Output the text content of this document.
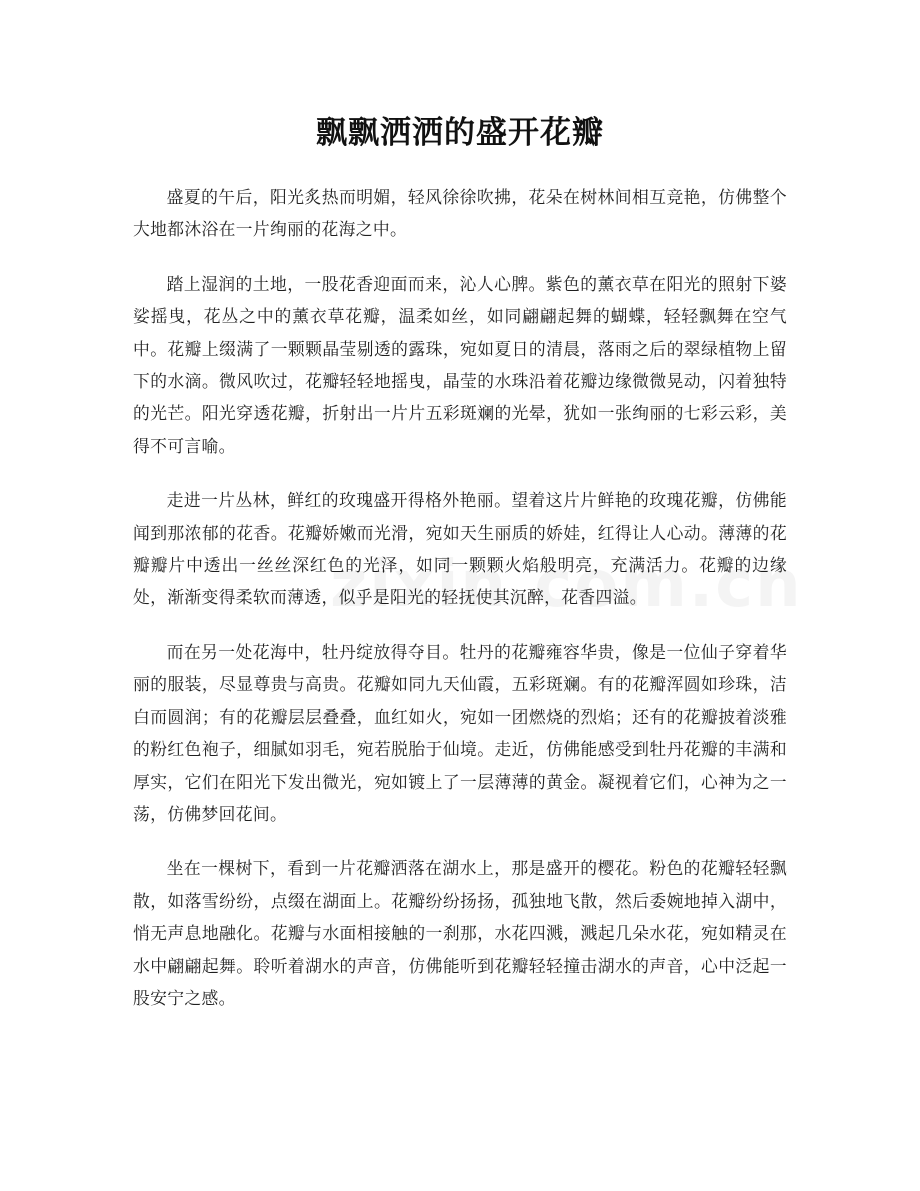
飘飘洒洒的盛开花瓣

盛夏的午后，阳光炙热而明媚，轻风徐徐吹拂，花朵在树林间相互竞艳，仿佛整个大地都沐浴在一片绚丽的花海之中。

踏上湿润的土地，一股花香迎面而来，沁人心脾。紫色的薰衣草在阳光的照射下婆娑摇曳，花丛之中的薰衣草花瓣，温柔如丝，如同翩翩起舞的蝴蝶，轻轻飘舞在空气中。花瓣上缀满了一颗颗晶莹剔透的露珠，宛如夏日的清晨，落雨之后的翠绿植物上留下的水滴。微风吹过，花瓣轻轻地摇曳，晶莹的水珠沿着花瓣边缘微微晃动，闪着独特的光芒。阳光穿透花瓣，折射出一片片五彩斑斓的光晕，犹如一张绚丽的七彩云彩，美得不可言喻。

走进一片丛林，鲜红的玫瑰盛开得格外艳丽。望着这片片鲜艳的玫瑰花瓣，仿佛能闻到那浓郁的花香。花瓣娇嫩而光滑，宛如天生丽质的娇娃，红得让人心动。薄薄的花瓣瓣片中透出一丝丝深红色的光泽，如同一颗颗火焰般明亮，充满活力。花瓣的边缘处，渐渐变得柔软而薄透，似乎是阳光的轻抚使其沉醉，花香四溢。

而在另一处花海中，牡丹绽放得夺目。牡丹的花瓣雍容华贵，像是一位仙子穿着华丽的服装，尽显尊贵与高贵。花瓣如同九天仙霞，五彩斑斓。有的花瓣浑圆如珍珠，洁白而圆润；有的花瓣层层叠叠，血红如火，宛如一团燃烧的烈焰；还有的花瓣披着淡雅的粉红色袍子，细腻如羽毛，宛若脱胎于仙境。走近，仿佛能感受到牡丹花瓣的丰满和厚实，它们在阳光下发出微光，宛如镀上了一层薄薄的黄金。凝视着它们，心神为之一荡，仿佛梦回花间。

坐在一棵树下，看到一片花瓣洒落在湖水上，那是盛开的樱花。粉色的花瓣轻轻飘散，如落雪纷纷，点缀在湖面上。花瓣纷纷扬扬，孤独地飞散，然后委婉地掉入湖中，悄无声息地融化。花瓣与水面相接触的一刹那，水花四溅，溅起几朵水花，宛如精灵在水中翩翩起舞。聆听着湖水的声音，仿佛能听到花瓣轻轻撞击湖水的声音，心中泛起一股安宁之感。
